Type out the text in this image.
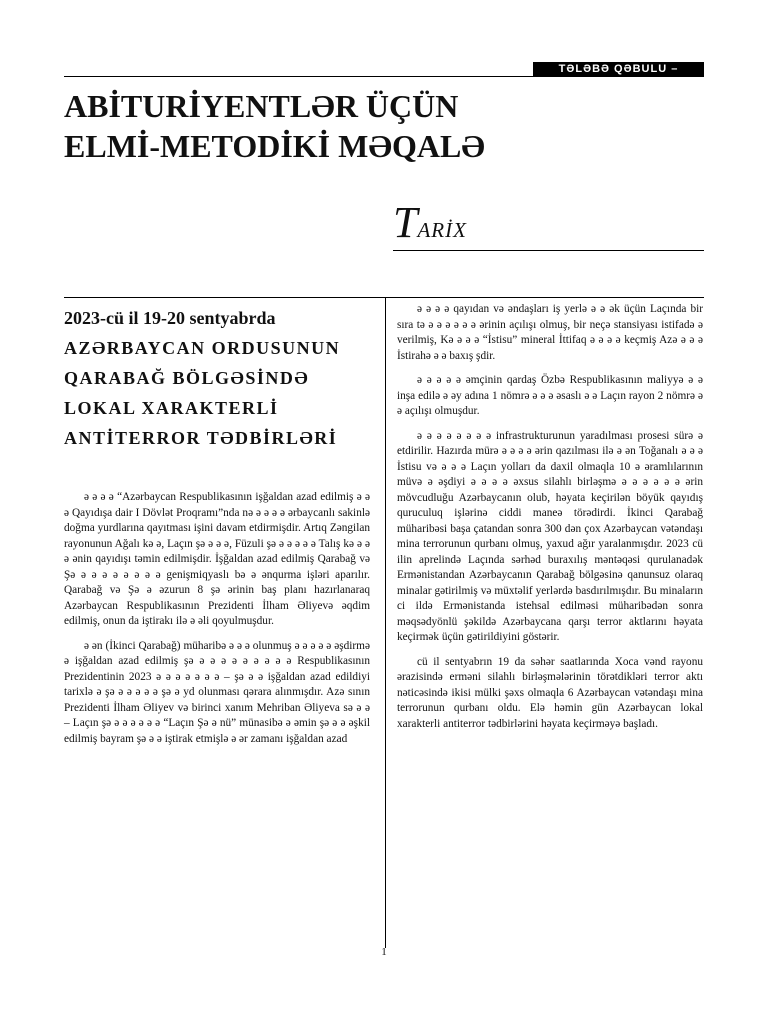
TƏLƏBƏ QƏBULU –
ABİTURİYENTLƏR ÜÇÜN
ELMİ-METODİKİ MƏQALƏ
TARİX
2023-cü il 19-20 sentyabrda
AZƏRBAYCAN ORDUSUNUN
QARABAĞ BÖLGƏSİNDƏ
LOKAL XARAKTERLİ
ANTİTERROR TƏDBİRLƏRİ

ə ə ə ə “Azərbaycan Respublikasının işğaldan azad edilmiş ə ə ə Qayıdışa dair I Dövlət Proqramı”nda nə ə ə ə ə ərbaycanlı sakinlə doğma yurdlarına qayıtması işini davam etdirmişdir. Artıq Zəngilan rayonunun Ağalı kə ə, Laçın şə ə ə ə, Füzuli şə ə ə ə ə ə Talış kə ə ə ə ənin qayıdışı təmin edilmişdir. İşğaldan azad edilmiş Qarabağ və Şə ə ə ə ə ə ə ə ə genişmiqyaslı bə ə ənqurma işləri aparılır. Qarabağ və Şə ə əzurun 8 şə ərinin baş planı hazırlanaraq Azərbaycan Respublikasının Prezidenti İlham Əliyevə əqdim edilmiş, onun da iştirakı ilə ə əli qoyulmuşdur.

ə ən (İkinci Qarabağ) müharibə ə ə ə olunmuş ə ə ə ə ə əşdirmə ə işğaldan azad edilmiş şə ə ə ə ə ə ə ə ə ə Respublikasının Prezidentinin 2023 ə ə ə ə ə ə ə – şə ə ə işğaldan azad edildiyi tarixlə ə şə ə ə ə ə ə şə ə yd olunması qərara alınmışdır. Azə sının Prezidenti İlham Əliyev və birinci xanım Mehriban Əliyeva sə ə ə – Laçın şə ə ə ə ə ə ə “Laçın Şə ə nü” münasibə ə əmin şə ə ə əşkil edilmiş bayram şə ə ə iştirak etmişlə ə ər zamanı işğaldan azad

ə ə ə ə qayıdan və əndaşları iş yerlə ə ə ək üçün Laçında bir sıra tə ə ə ə ə ə ə ərinin açılışı olmuş, bir neçə stansiyası istifadə ə verilmiş, Kə ə ə ə “İstisu” mineral İttifaq ə ə ə ə keçmiş Azə ə ə ə İstirahə ə ə baxış şdir.

ə ə ə ə ə əmçinin qardaş Özbə Respublikasının maliyyə ə ə inşa edilə ə əy adına 1 nömrə ə ə ə əsaslı ə ə Laçın rayon 2 nömrə ə ə açılışı olmuşdur.

ə ə ə ə ə ə ə ə infrastrukturunun yaradılması prosesi sürə ə etdirilir. Hazırda mürə ə ə ə ə ərin qazılması ilə ə ən Toğanalı ə ə ə İstisu və ə ə ə Laçın yolları da daxil olmaqla 10 ə əramlılarının müvə ə əşdiyi ə ə ə ə əxsus silahlı birləşmə ə ə ə ə ə ə ərin mövcudluğu Azərbaycanın olub, həyata keçirilən böyük qayıdış quruculuq işlərinə ciddi maneə törədirdi. İkinci Qarabağ müharibəsi başa çatandan sonra 300 dən çox Azərbaycan vətəndaşı mina terrorunun qurbanı olmuş, yaxud ağır yaralanmışdır. 2023 cü ilin aprelində Laçında sərhəd buraxılış məntəqəsi qurulanadək Ermənistandan Azərbaycanın Qarabağ bölgəsinə qanunsuz olaraq minalar gətirilmiş və müxtəlif yerlərdə basdırılmışdır. Bu minaların ci ildə Ermənistanda istehsal edilməsi müharibədən sonra məqsədyönlü şəkildə Azərbaycana qarşı terror aktlarını həyata keçirmək üçün gətirildiyini göstərir.

cü il sentyabrın 19 da səhər saatlarında Xoca vənd rayonu ərazisində erməni silahlı birləşmələrinin törətdikləri terror aktı nəticəsində ikisi mülki şəxs olmaqla 6 Azərbaycan vətəndaşı mina terrorunun qurbanı oldu. Elə həmin gün Azərbaycan lokal xarakterli antiterror tədbirlərini həyata keçirməyə başladı.

1
